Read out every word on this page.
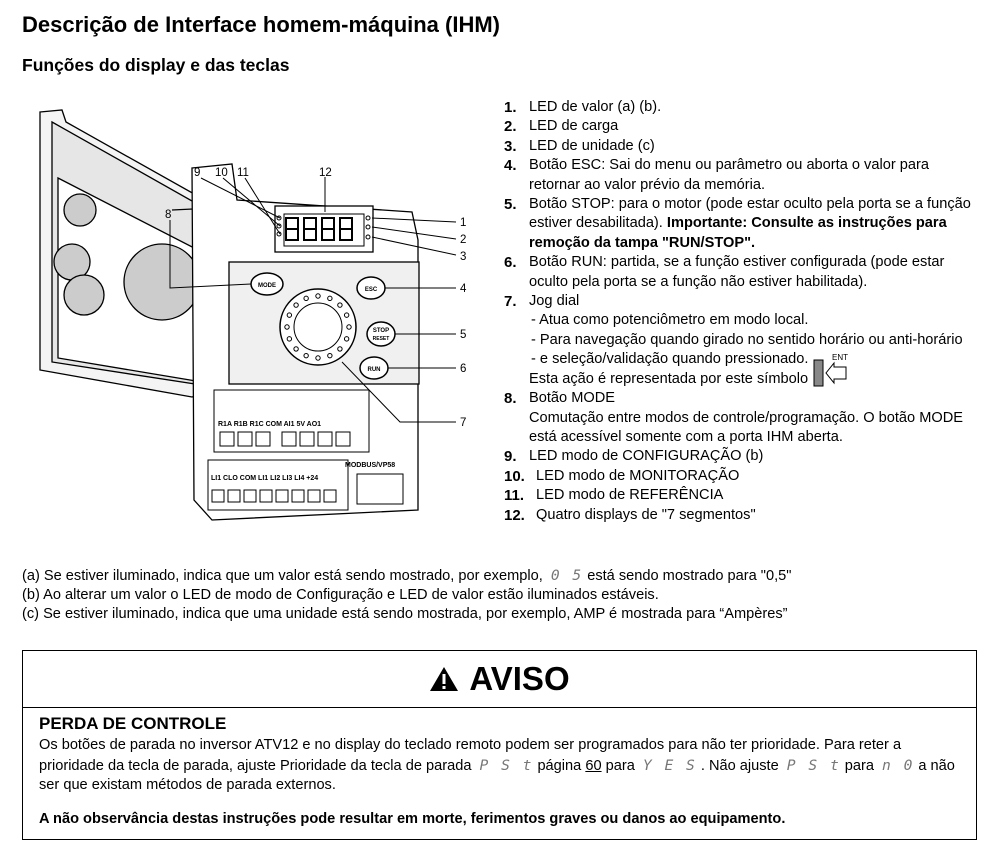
Descrição de Interface homem-máquina (IHM)
Funções do display e das teclas
MODE
ESC
STOP
RESET
RUN
R1A R1B R1C COM AI1 5V AO1
LI1 CLO COM LI1 LI2 LI3 LI4 +24
MODBUS/VP58
9 10 11	12
1
2
3
4
5
6
7
8
1. LED de valor (a) (b).
2. LED de carga
3. LED de unidade (c)
4. Botão ESC: Sai do menu ou parâmetro ou aborta o valor para retornar ao valor prévio da memória.
5. Botão STOP: para o motor (pode estar oculto pela porta se a função estiver desabilitada). Importante: Consulte as instruções para remoção da tampa "RUN/STOP".
6. Botão RUN: partida, se a função estiver configurada (pode estar oculto pela porta se a função não estiver habilitada).
7. Jog dial
- Atua como potenciômetro em modo local.
- Para navegação quando girado no sentido horário ou anti-horário
- e seleção/validação quando pressionado.
Esta ação é representada por este símbolo
ENT
8. Botão MODE
Comutação entre modos de controle/programação. O botão MODE está acessível somente com a porta IHM aberta.
9. LED modo de CONFIGURAÇÃO (b)
10. LED modo de MONITORAÇÃO
11. LED modo de REFERÊNCIA
12. Quatro displays de "7 segmentos"
(a) Se estiver iluminado, indica que um valor está sendo mostrado, por exemplo, 0 5 está sendo mostrado para "0,5"
(b) Ao alterar um valor o LED de modo de Configuração e LED de valor estão iluminados estáveis.
(c) Se estiver iluminado, indica que uma unidade está sendo mostrada, por exemplo, AMP é mostrada para “Ampères”
AVISO
PERDA DE CONTROLE

Os botões de parada no inversor ATV12 e no display do teclado remoto podem ser programados para não ter prioridade. Para reter a prioridade da tecla de parada, ajuste Prioridade da tecla de parada P S t página 60 para Y E S . Não ajuste P S t para n 0 a não ser que existam métodos de parada externos.

A não observância destas instruções pode resultar em morte, ferimentos graves ou danos ao equipamento.
